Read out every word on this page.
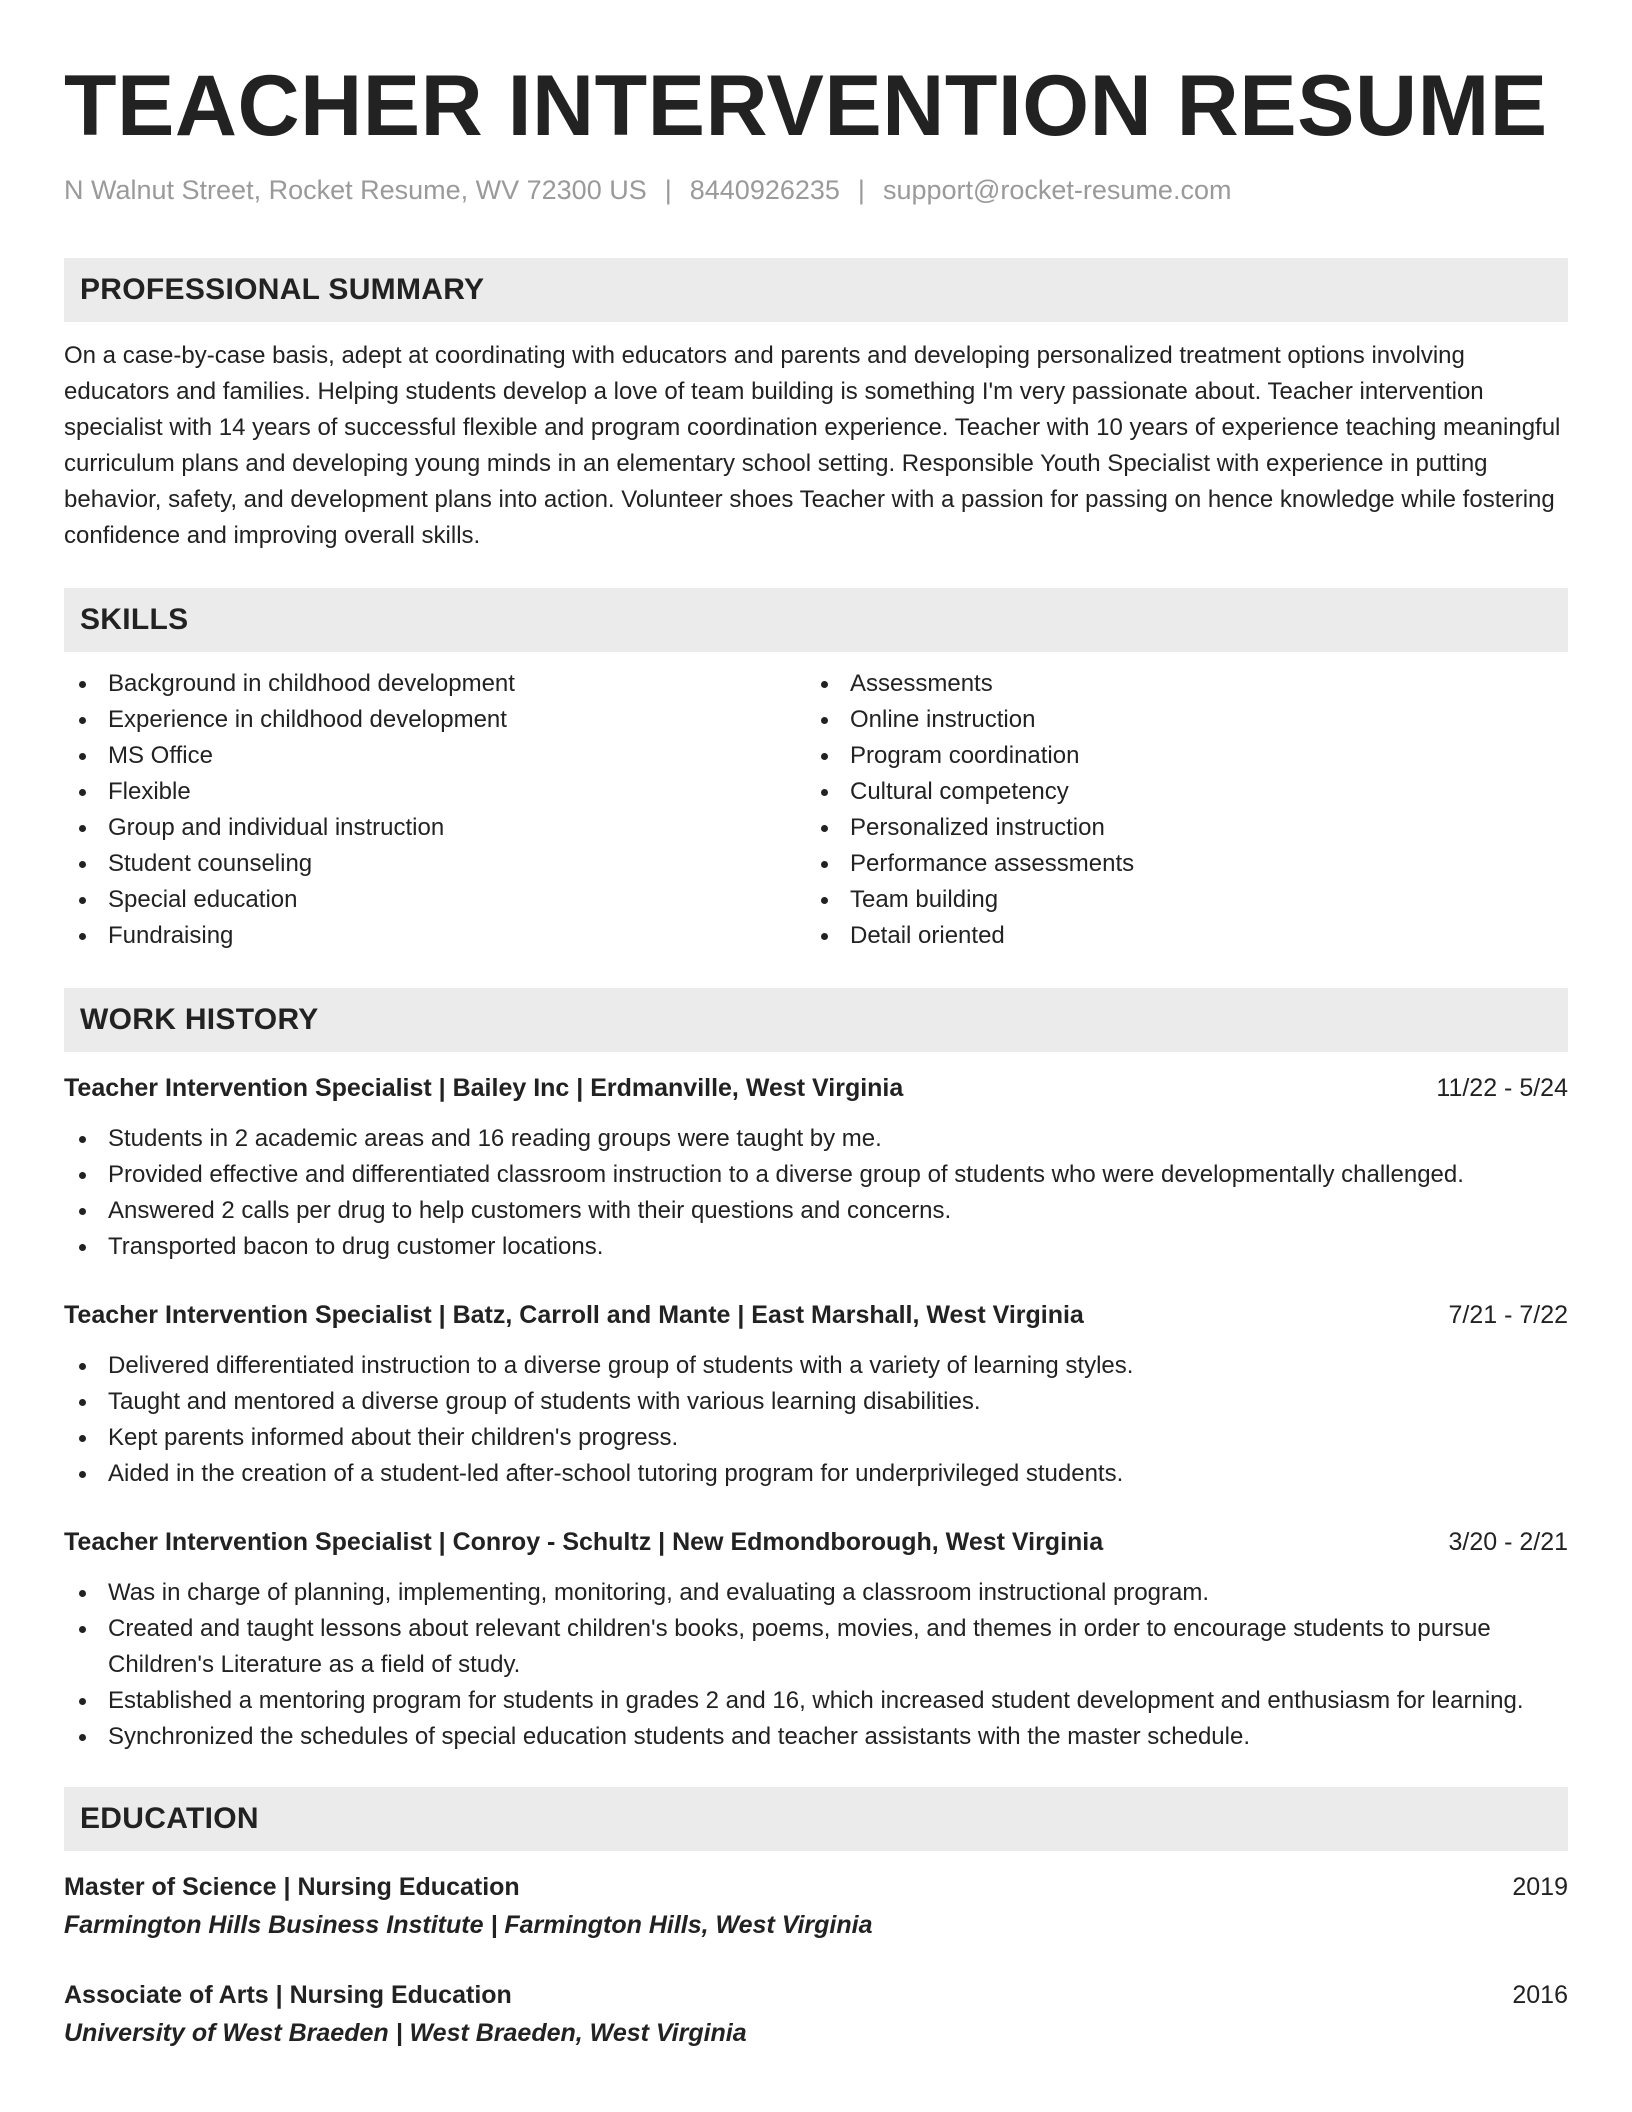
TEACHER INTERVENTION RESUME
N Walnut Street, Rocket Resume, WV 72300 US | 8440926235 | support@rocket-resume.com
PROFESSIONAL SUMMARY

On a case-by-case basis, adept at coordinating with educators and parents and developing personalized treatment options involving educators and families. Helping students develop a love of team building is something I'm very passionate about. Teacher intervention specialist with 14 years of successful flexible and program coordination experience. Teacher with 10 years of experience teaching meaningful curriculum plans and developing young minds in an elementary school setting. Responsible Youth Specialist with experience in putting behavior, safety, and development plans into action. Volunteer shoes Teacher with a passion for passing on hence knowledge while fostering confidence and improving overall skills.

SKILLS
Background in childhood development
Experience in childhood development
MS Office
Flexible
Group and individual instruction
Student counseling
Special education
Fundraising
Assessments
Online instruction
Program coordination
Cultural competency
Personalized instruction
Performance assessments
Team building
Detail oriented
WORK HISTORY
Teacher Intervention Specialist | Bailey Inc | Erdmanville, West Virginia	11/22 - 5/24
Students in 2 academic areas and 16 reading groups were taught by me.
Provided effective and differentiated classroom instruction to a diverse group of students who were developmentally challenged.
Answered 2 calls per drug to help customers with their questions and concerns.
Transported bacon to drug customer locations.
Teacher Intervention Specialist | Batz, Carroll and Mante | East Marshall, West Virginia	7/21 - 7/22
Delivered differentiated instruction to a diverse group of students with a variety of learning styles.
Taught and mentored a diverse group of students with various learning disabilities.
Kept parents informed about their children's progress.
Aided in the creation of a student-led after-school tutoring program for underprivileged students.
Teacher Intervention Specialist | Conroy - Schultz | New Edmondborough, West Virginia	3/20 - 2/21
Was in charge of planning, implementing, monitoring, and evaluating a classroom instructional program.
Created and taught lessons about relevant children's books, poems, movies, and themes in order to encourage students to pursue Children's Literature as a field of study.
Established a mentoring program for students in grades 2 and 16, which increased student development and enthusiasm for learning.
Synchronized the schedules of special education students and teacher assistants with the master schedule.
EDUCATION
Master of Science | Nursing Education	2019
Farmington Hills Business Institute | Farmington Hills, West Virginia
Associate of Arts | Nursing Education	2016
University of West Braeden | West Braeden, West Virginia
